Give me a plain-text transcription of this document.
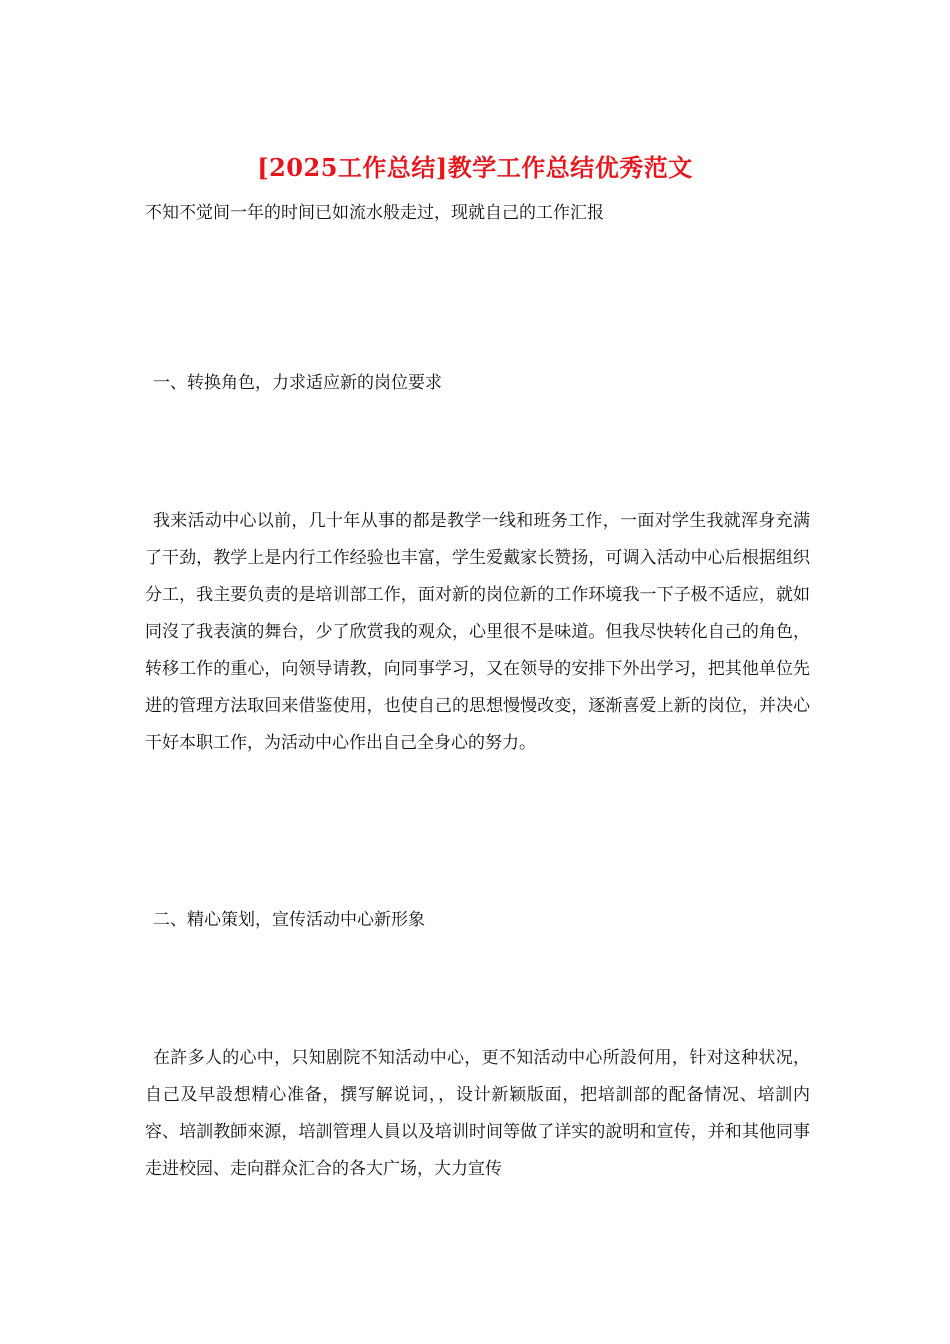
[2025工作总结]教学工作总结优秀范文
不知不觉间一年的时间已如流水般走过，现就自己的工作汇报
一、转换角色，力求适应新的岗位要求
我来活动中心以前，几十年从事的都是教学一线和班务工作，一面对学生我就浑身充满了干劲，教学上是内行工作经验也丰富，学生爱戴家长赞扬，可调入活动中心后根据组织分工，我主要负责的是培训部工作，面对新的岗位新的工作环境我一下子极不适应，就如同沒了我表演的舞台，少了欣赏我的观众，心里很不是味道。但我尽快转化自己的角色，转移工作的重心，向领导请教，向同事学习，又在领导的安排下外出学习，把其他单位先进的管理方法取回来借鉴使用，也使自己的思想慢慢改变，逐渐喜爱上新的岗位，并决心干好本职工作，为活动中心作出自己全身心的努力。
二、精心策划，宣传活动中心新形象
在許多人的心中，只知剧院不知活动中心，更不知活动中心所設何用，针对这种状况，自己及早設想精心准备，撰写解说词，，设计新颖版面，把培訓部的配备情况、培訓内容、培訓教師來源，培訓管理人員以及培训时间等做了详实的說明和宣传，并和其他同事走进校园、走向群众汇合的各大广场，大力宣传
